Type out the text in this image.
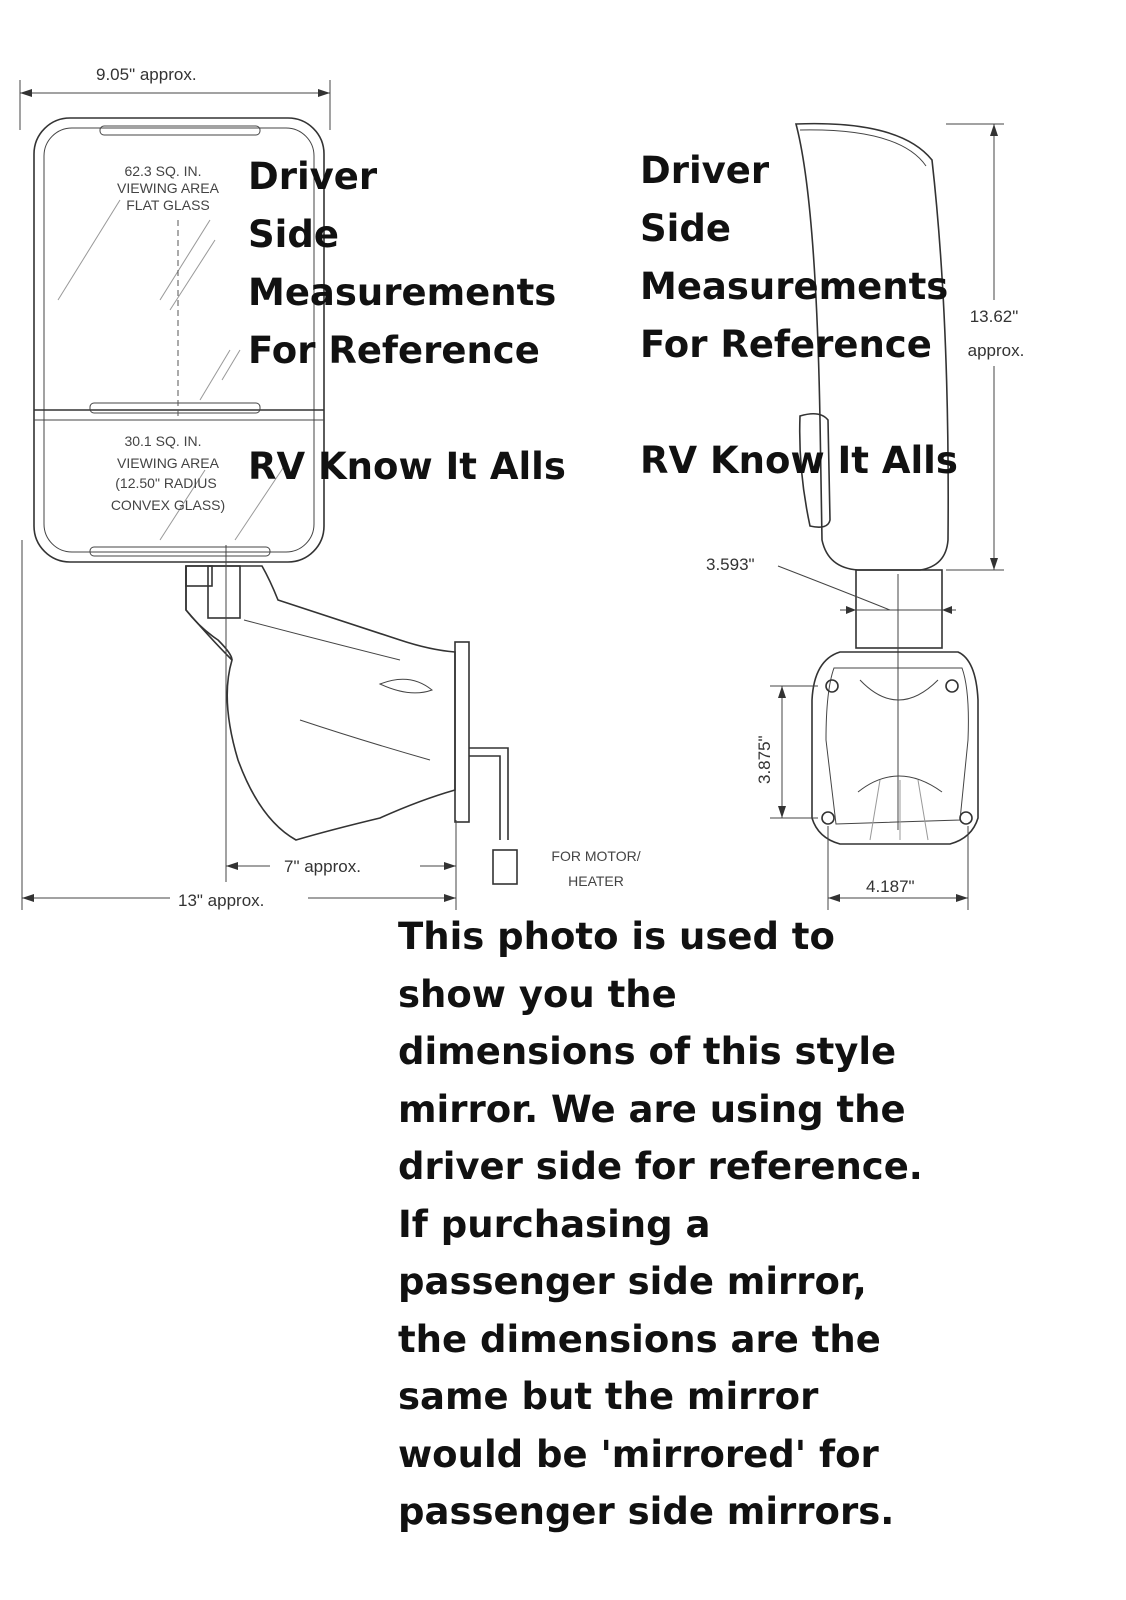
9.05" approx.
62.3 SQ. IN.
VIEWING AREA
FLAT GLASS
30.1 SQ. IN.
VIEWING AREA
(12.50" RADIUS
CONVEX GLASS)
FOR MOTOR/
HEATER
7" approx.
13" approx.
13.62"
approx.
3.593"
3.875"
4.187"
Driver
Side
Measurements
For Reference
RV Know It Alls
Driver
Side
Measurements
For Reference
RV Know It Alls
This photo is used to
show you the
dimensions of this style
mirror. We are using the
driver side for reference.
If purchasing a
passenger side mirror,
the dimensions are the
same but the mirror
would be 'mirrored' for
passenger side mirrors.
